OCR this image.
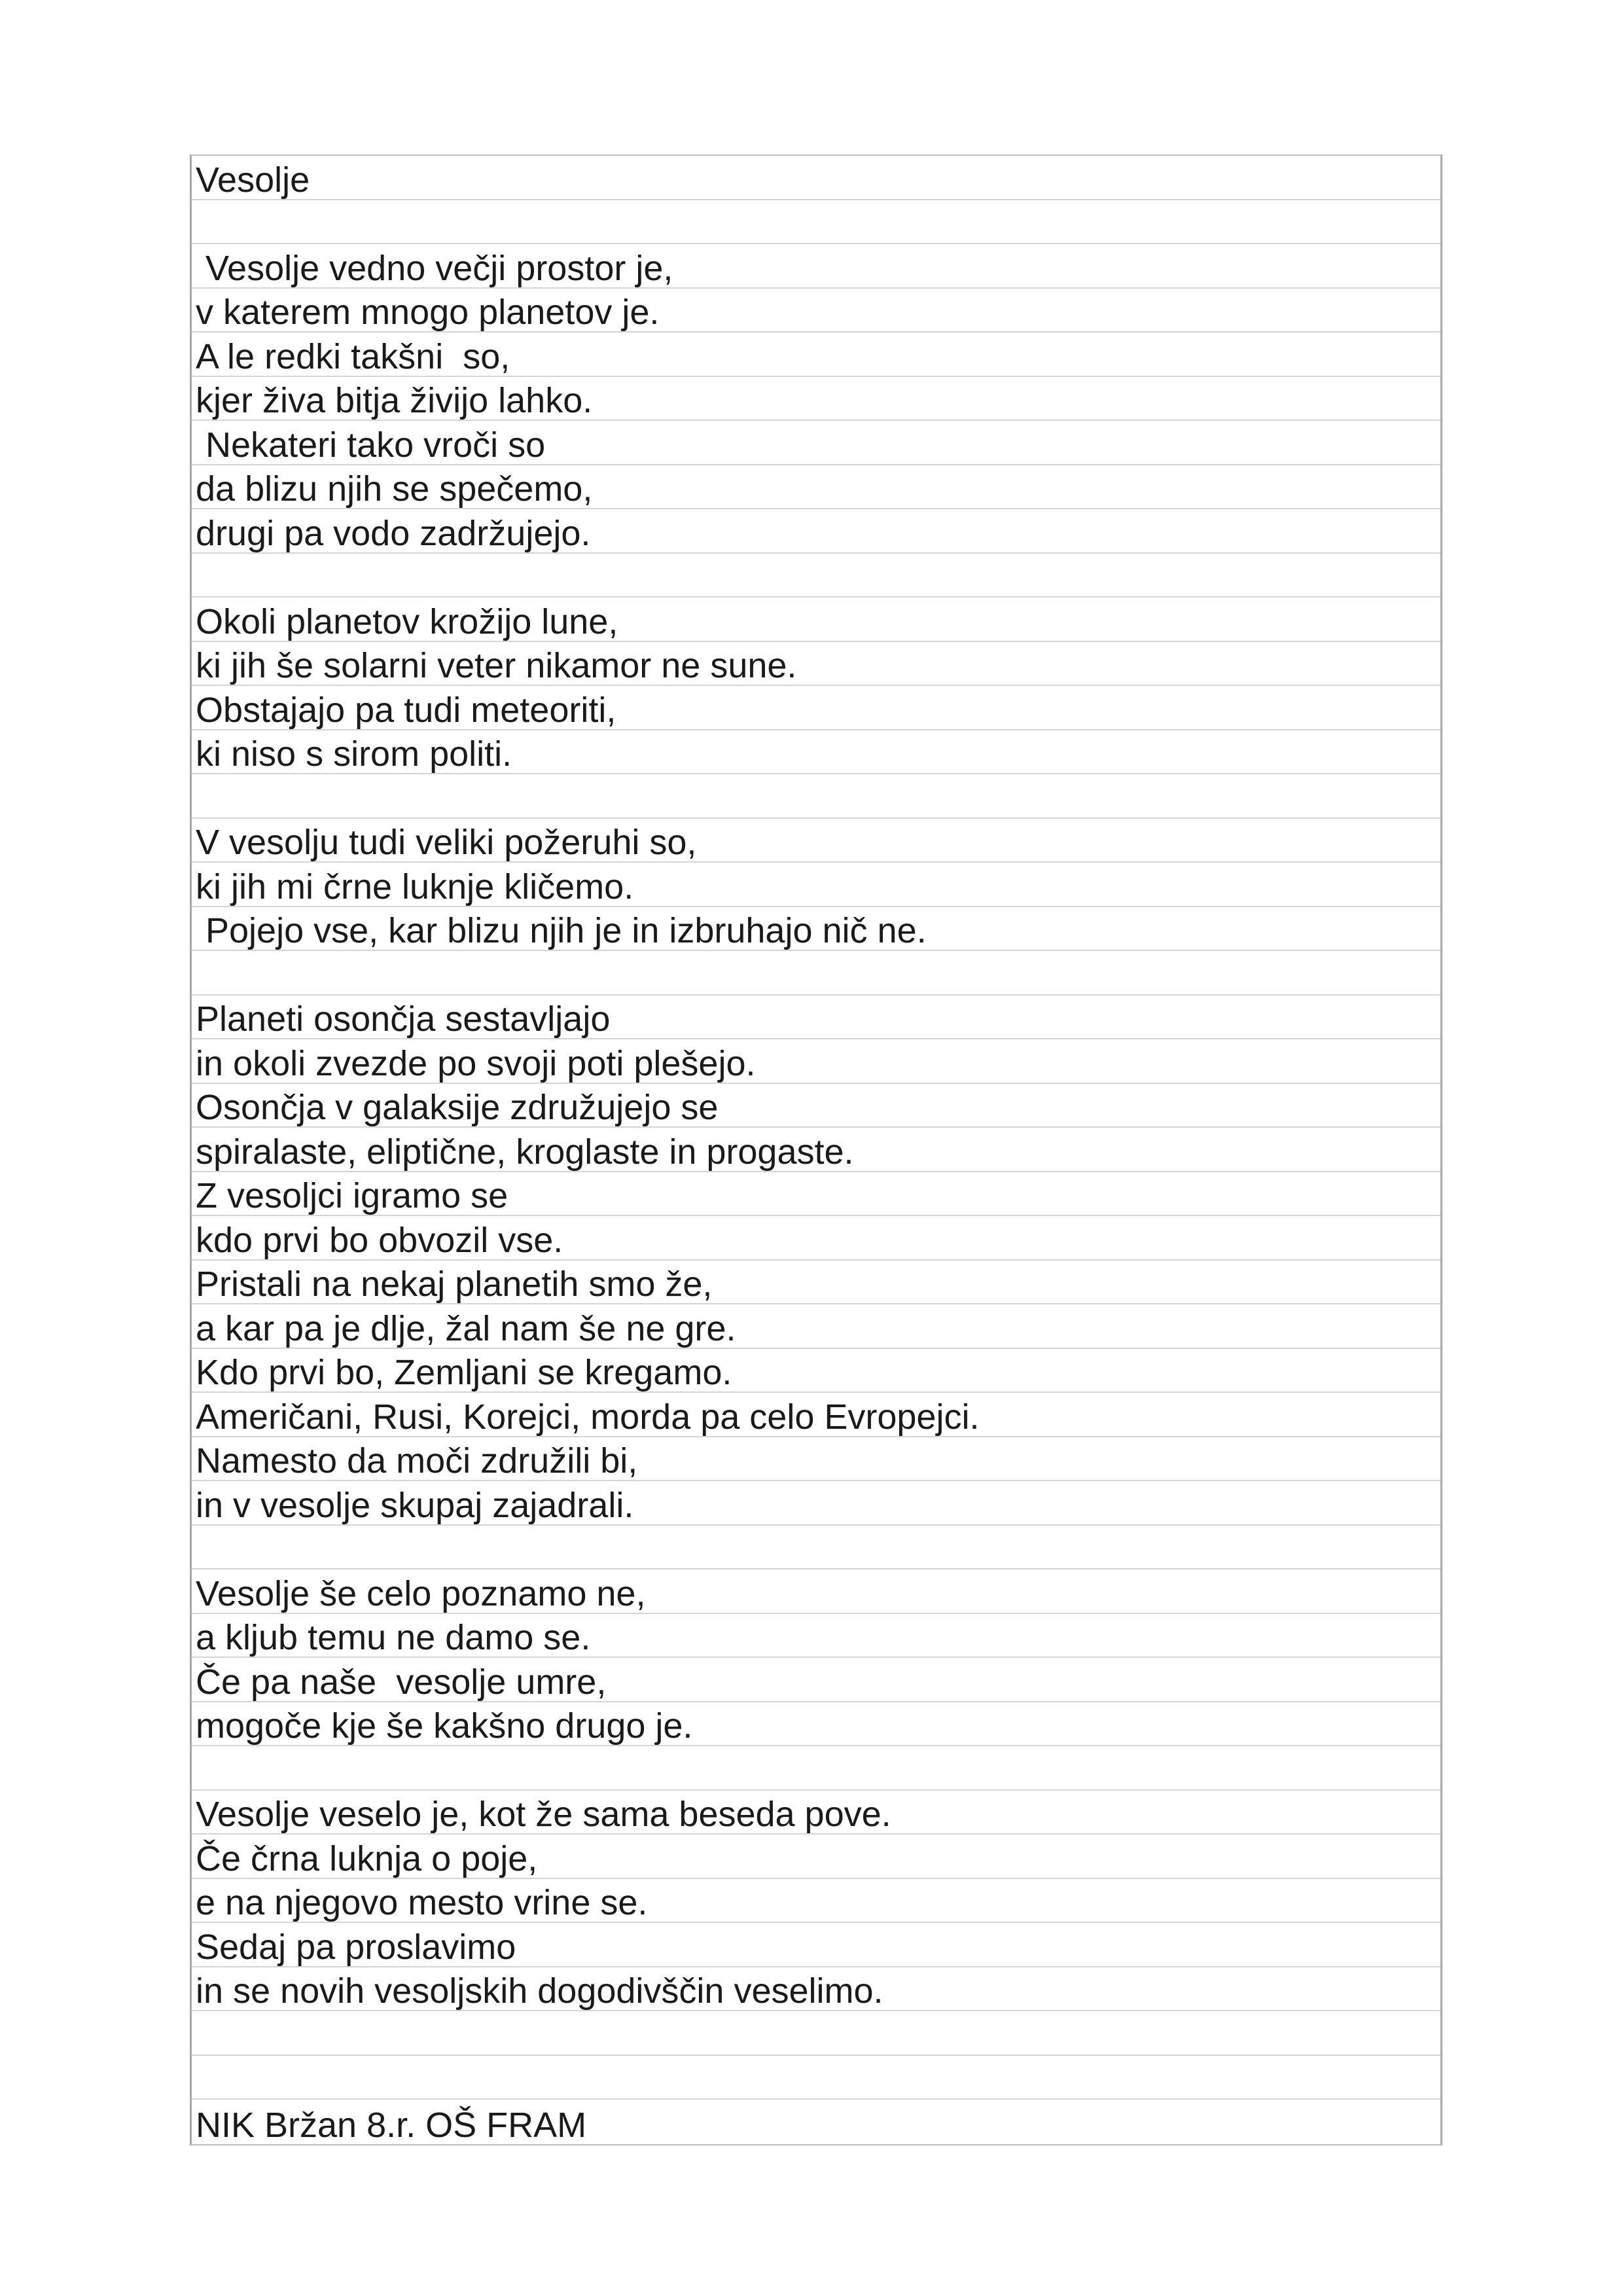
Vesolje
Vesolje vedno večji prostor je,
v katerem mnogo planetov je.
A le redki takšni  so,
kjer živa bitja živijo lahko.
Nekateri tako vroči so
da blizu njih se spečemo,
drugi pa vodo zadržujejo.
Okoli planetov krožijo lune,
ki jih še solarni veter nikamor ne sune.
Obstajajo pa tudi meteoriti,
ki niso s sirom politi.
V vesolju tudi veliki požeruhi so,
ki jih mi črne luknje kličemo.
Pojejo vse, kar blizu njih je in izbruhajo nič ne.
Planeti osončja sestavljajo
in okoli zvezde po svoji poti plešejo.
Osončja v galaksije združujejo se
spiralaste, eliptične, kroglaste in progaste.
Z vesoljci igramo se
kdo prvi bo obvozil vse.
Pristali na nekaj planetih smo že,
a kar pa je dlje, žal nam še ne gre.
Kdo prvi bo, Zemljani se kregamo.
Američani, Rusi, Korejci, morda pa celo Evropejci.
Namesto da moči združili bi,
in v vesolje skupaj zajadrali.
Vesolje še celo poznamo ne,
a kljub temu ne damo se.
Če pa naše  vesolje umre,
mogoče kje še kakšno drugo je.
Vesolje veselo je, kot že sama beseda pove.
Če črna luknja o poje,
e na njegovo mesto vrine se.
Sedaj pa proslavimo
in se novih vesoljskih dogodivščin veselimo.
NIK Bržan 8.r. OŠ FRAM
